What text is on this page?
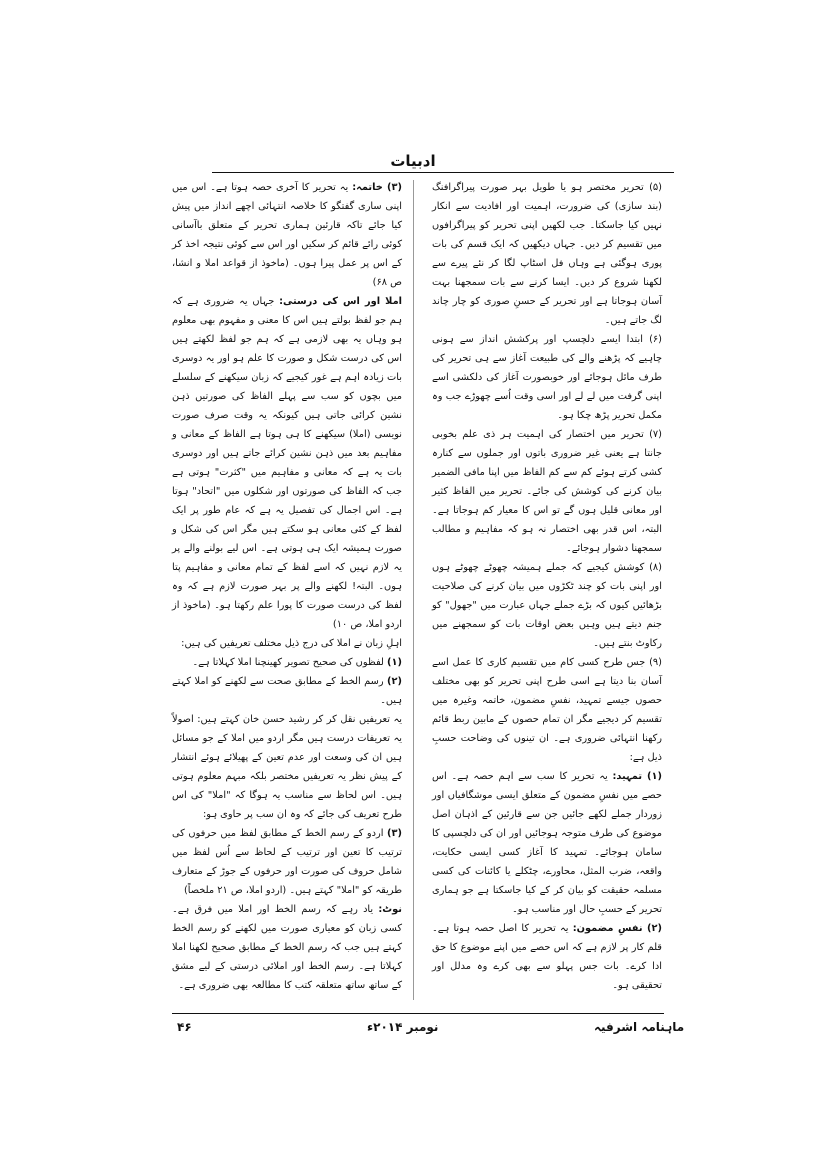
ادبیات

(۵) تحریر مختصر ہو یا طویل بہر صورت پیراگرافنگ (بند سازی) کی ضرورت، اہمیت اور افادیت سے انکار نہیں کیا جاسکتا۔ جب لکھیں اپنی تحریر کو پیراگرافوں میں تقسیم کر دیں۔ جہاں دیکھیں کہ ایک قسم کی بات پوری ہوگئی ہے وہاں فل اسٹاپ لگا کر نئے پیرے سے لکھنا شروع کر دیں۔ ایسا کرنے سے بات سمجھنا بہت آسان ہوجاتا ہے اور تحریر کے حسنِ صوری کو چار چاند لگ جاتے ہیں۔

(۶) ابتدا ایسے دلچسپ اور پرکشش انداز سے ہونی چاہیے کہ پڑھنے والے کی طبیعت آغاز سے ہی تحریر کی طرف مائل ہوجائے اور خوبصورت آغاز کی دلکشی اسے اپنی گرفت میں لے لے اور اسی وقت اُسے چھوڑے جب وہ مکمل تحریر پڑھ چکا ہو۔

(۷) تحریر میں اختصار کی اہمیت ہر ذی علم بخوبی جانتا ہے یعنی غیر ضروری باتوں اور جملوں سے کنارہ کشی کرتے ہوئے کم سے کم الفاظ میں اپنا مافی الضمیر بیان کرنے کی کوشش کی جائے۔ تحریر میں الفاظ کثیر اور معانی قلیل ہوں گے تو اس کا معیار کم ہوجاتا ہے۔ البتہ، اس قدر بھی اختصار نہ ہو کہ مفاہیم و مطالب سمجھنا دشوار ہوجائے۔

(۸) کوشش کیجیے کہ جملے ہمیشہ چھوٹے چھوٹے ہوں اور اپنی بات کو چند ٹکڑوں میں بیان کرنے کی صلاحیت بڑھائیں کیوں کہ بڑے جملے جہاں عبارت میں "جھول" کو جنم دیتے ہیں وہیں بعض اوقات بات کو سمجھنے میں رکاوٹ بنتے ہیں۔

(۹) جس طرح کسی کام میں تقسیم کاری کا عمل اسے آسان بنا دیتا ہے اسی طرح اپنی تحریر کو بھی مختلف حصوں جیسے تمہید، نفسِ مضمون، خاتمہ وغیرہ میں تقسیم کر دیجیے مگر ان تمام حصوں کے مابین ربط قائم رکھنا انتہائی ضروری ہے۔ ان تینوں کی وضاحت حسبِ ذیل ہے:

(۱) تمہید: یہ تحریر کا سب سے اہم حصہ ہے۔ اس حصے میں نفسِ مضمون کے متعلق ایسی موشگافیاں اور زوردار جملے لکھے جائیں جن سے قارئین کے اذہان اصل موضوع کی طرف متوجہ ہوجائیں اور ان کی دلچسپی کا سامان ہوجائے۔ تمہید کا آغاز کسی ایسی حکایت، واقعہ، ضرب المثل، محاورے، چٹکلے یا کائنات کی کسی مسلمہ حقیقت کو بیان کر کے کیا جاسکتا ہے جو ہماری تحریر کے حسبِ حال اور مناسب ہو۔

(۲) نفسِ مضمون: یہ تحریر کا اصل حصہ ہوتا ہے۔ قلم کار پر لازم ہے کہ اس حصے میں اپنے موضوع کا حق ادا کرے۔ بات جس پہلو سے بھی کرے وہ مدلل اور تحقیقی ہو۔

(۳) خاتمہ: یہ تحریر کا آخری حصہ ہوتا ہے۔ اس میں اپنی ساری گفتگو کا خلاصہ انتہائی اچھے انداز میں پیش کیا جائے تاکہ قارئین ہماری تحریر کے متعلق باآسانی کوئی رائے قائم کر سکیں اور اس سے کوئی نتیجہ اخذ کر کے اس پر عمل پیرا ہوں۔ (ماخوذ از قواعد املا و انشا، ص ۶۸)

املا اور اس کی درستی: جہاں یہ ضروری ہے کہ ہم جو لفظ بولتے ہیں اس کا معنی و مفہوم بھی معلوم ہو وہاں یہ بھی لازمی ہے کہ ہم جو لفظ لکھتے ہیں اس کی درست شکل و صورت کا علم ہو اور یہ دوسری بات زیادہ اہم ہے غور کیجیے کہ زبان سیکھنے کے سلسلے میں بچوں کو سب سے پہلے الفاظ کی صورتیں ذہن نشین کرائی جاتی ہیں کیونکہ یہ وقت صرف صورت نویسی (املا) سیکھنے کا ہی ہوتا ہے الفاظ کے معانی و مفاہیم بعد میں ذہن نشین کرائے جاتے ہیں اور دوسری بات یہ ہے کہ معانی و مفاہیم میں "کثرت" ہوتی ہے جب کہ الفاظ کی صورتوں اور شکلوں میں "اتحاد" ہوتا ہے۔ اس اجمال کی تفصیل یہ ہے کہ عام طور پر ایک لفظ کے کئی معانی ہو سکتے ہیں مگر اس کی شکل و صورت ہمیشہ ایک ہی ہوتی ہے۔ اس لیے بولنے والے پر یہ لازم نہیں کہ اسے لفظ کے تمام معانی و مفاہیم پتا ہوں۔ البتہ! لکھنے والے پر بہر صورت لازم ہے کہ وہ لفظ کی درست صورت کا پورا علم رکھتا ہو۔ (ماخوذ از اردو املا، ص ۱۰)

اہلِ زبان نے املا کی درج ذیل مختلف تعریفیں کی ہیں:

(۱) لفظوں کی صحیح تصویر کھینچنا املا کہلاتا ہے۔

(۲) رسم الخط کے مطابق صحت سے لکھنے کو املا کہتے ہیں۔

یہ تعریفیں نقل کر کر رشید حسن خان کہتے ہیں: اصولاً یہ تعریفات درست ہیں مگر اردو میں املا کے جو مسائل ہیں ان کی وسعت اور عدم تعین کے پھیلائے ہوئے انتشار کے پیش نظر یہ تعریفیں مختصر بلکہ مبہم معلوم ہوتی ہیں۔ اس لحاظ سے مناسب یہ ہوگا کہ "املا" کی اس طرح تعریف کی جائے کہ وہ ان سب پر حاوی ہو:

(۳) اردو کے رسم الخط کے مطابق لفظ میں حرفوں کی ترتیب کا تعین اور ترتیب کے لحاظ سے اُس لفظ میں شامل حروف کی صورت اور حرفوں کے جوڑ کے متعارف طریقہ کو "املا" کہتے ہیں۔ (اردو املا، ص ۲۱ ملخصاً)

نوٹ: یاد رہے کہ رسم الخط اور املا میں فرق ہے۔ کسی زبان کو معیاری صورت میں لکھنے کو رسم الخط کہتے ہیں جب کہ رسم الخط کے مطابق صحیح لکھنا املا کہلاتا ہے۔ رسم الخط اور املائی درستی کے لیے مشق کے ساتھ ساتھ متعلقہ کتب کا مطالعہ بھی ضروری ہے۔

ماہنامہ اشرفیہ
نومبر ۲۰۱۴ء
۴۶
